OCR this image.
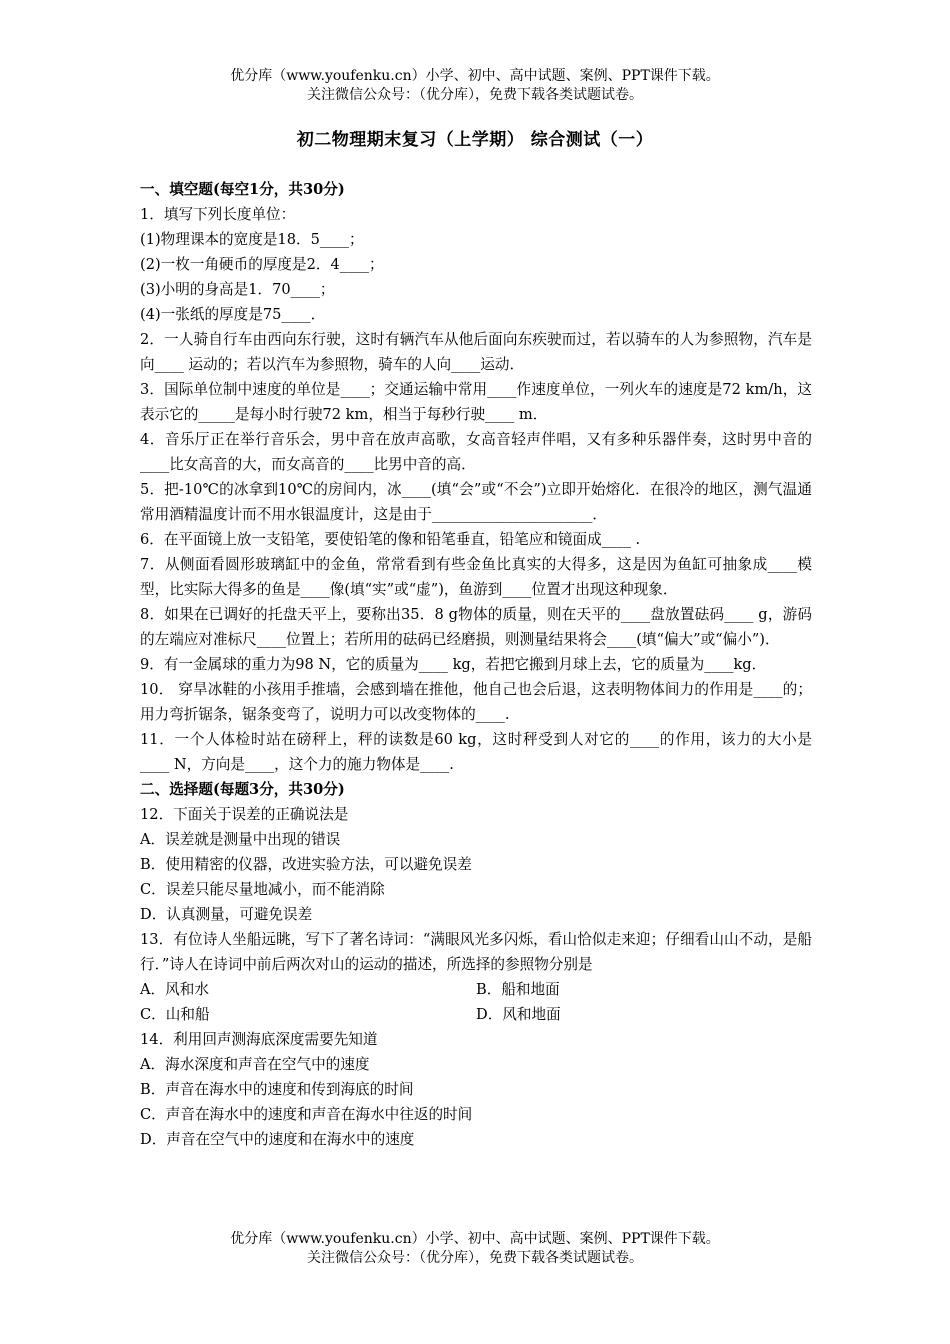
优分库（www.youfenku.cn）小学、初中、高中试题、案例、PPT课件下载。
关注微信公众号：（优分库），免费下载各类试题试卷。
初二物理期末复习（上学期） 综合测试（一）

一、填空题(每空1分，共30分)

1．填写下列长度单位：

(1)物理课本的宽度是18．5____；

(2)一枚一角硬币的厚度是2．4____；

(3)小明的身高是1．70____；

(4)一张纸的厚度是75____．

2．一人骑自行车由西向东行驶，这时有辆汽车从他后面向东疾驶而过，若以骑车的人为参照物，汽车是向____ 运动的；若以汽车为参照物，骑车的人向____运动．

3．国际单位制中速度的单位是____；交通运输中常用____作速度单位，一列火车的速度是72 km/h，这表示它的_____是每小时行驶72 km，相当于每秒行驶____ m．

4．音乐厅正在举行音乐会，男中音在放声高歌，女高音轻声伴唱，又有多种乐器伴奏，这时男中音的____比女高音的大，而女高音的____比男中音的高．

5．把-10℃的冰拿到10℃的房间内，冰____(填“会”或“不会”)立即开始熔化．在很冷的地区，测气温通常用酒精温度计而不用水银温度计，这是由于______________________．

6．在平面镜上放一支铅笔，要使铅笔的像和铅笔垂直，铅笔应和镜面成____ .

7．从侧面看圆形玻璃缸中的金鱼，常常看到有些金鱼比真实的大得多，这是因为鱼缸可抽象成____模型，比实际大得多的鱼是____像(填“实”或“虚”)，鱼游到____位置才出现这种现象．

8．如果在已调好的托盘天平上，要称出35．8 g物体的质量，则在天平的____盘放置砝码____ g，游码的左端应对准标尺____位置上；若所用的砝码已经磨损，则测量结果将会____(填“偏大”或“偏小”)．

9．有一金属球的重力为98 N，它的质量为____ kg，若把它搬到月球上去，它的质量为____kg．

10． 穿旱冰鞋的小孩用手推墙，会感到墙在推他，他自己也会后退，这表明物体间力的作用是____的；用力弯折锯条，锯条变弯了，说明力可以改变物体的____.

11．一个人体检时站在磅秤上，秤的读数是60 kg，这时秤受到人对它的____的作用，该力的大小是____ N，方向是____，这个力的施力物体是____.

二、选择题(每题3分，共30分)

12．下面关于误差的正确说法是

A．误差就是测量中出现的错误

B．使用精密的仪器，改进实验方法，可以避免误差

C．误差只能尽量地减小，而不能消除

D．认真测量，可避免误差

13．有位诗人坐船远眺，写下了著名诗词：“满眼风光多闪烁，看山恰似走来迎；仔细看山山不动，是船行．”诗人在诗词中前后两次对山的运动的描述，所选择的参照物分别是

A．风和水	B．船和地面
C．山和船	D．风和地面

14．利用回声测海底深度需要先知道

A．海水深度和声音在空气中的速度

B．声音在海水中的速度和传到海底的时间

C．声音在海水中的速度和声音在海水中往返的时间

D．声音在空气中的速度和在海水中的速度

优分库（www.youfenku.cn）小学、初中、高中试题、案例、PPT课件下载。
关注微信公众号：（优分库），免费下载各类试题试卷。
